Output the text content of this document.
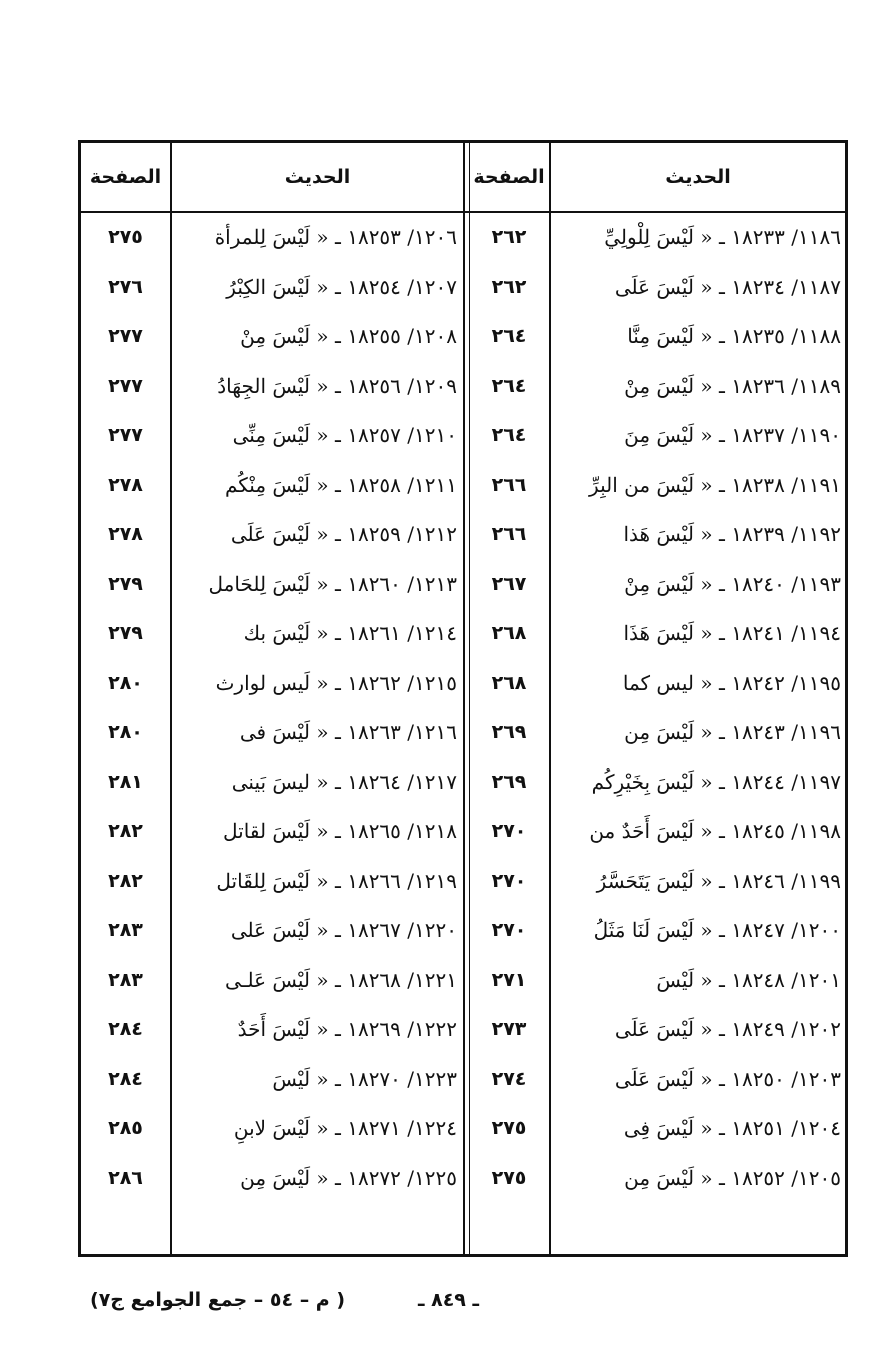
الحديث
الصفحة
الحديث
الصفحة
١١٨٦/ ١٨٢٣٣ ـ « لَيْسَ لِلْولِيِّ
٢٦٢
١١٨٧/ ١٨٢٣٤ ـ « لَيْسَ عَلَى
٢٦٢
١١٨٨/ ١٨٢٣٥ ـ « لَيْسَ مِنَّا
٢٦٤
١١٨٩/ ١٨٢٣٦ ـ « لَيْسَ مِنْ
٢٦٤
١١٩٠/ ١٨٢٣٧ ـ « لَيْسَ مِنَ
٢٦٤
١١٩١/ ١٨٢٣٨ ـ « لَيْسَ من البِرِّ
٢٦٦
١١٩٢/ ١٨٢٣٩ ـ « لَيْسَ هَذا
٢٦٦
١١٩٣/ ١٨٢٤٠ ـ « لَيْسَ مِنْ
٢٦٧
١١٩٤/ ١٨٢٤١ ـ « لَيْسَ هَذَا
٢٦٨
١١٩٥/ ١٨٢٤٢ ـ « ليس كما
٢٦٨
١١٩٦/ ١٨٢٤٣ ـ « لَيْسَ مِن
٢٦٩
١١٩٧/ ١٨٢٤٤ ـ « لَيْسَ بِخَيْرِكُم
٢٦٩
١١٩٨/ ١٨٢٤٥ ـ « لَيْسَ أَحَدٌ من
٢٧٠
١١٩٩/ ١٨٢٤٦ ـ « لَيْسَ يَتَحَسَّرُ
٢٧٠
١٢٠٠/ ١٨٢٤٧ ـ « لَيْسَ لَنَا مَثَلُ
٢٧٠
١٢٠١/ ١٨٢٤٨ ـ « لَيْسَ
٢٧١
١٢٠٢/ ١٨٢٤٩ ـ « لَيْسَ عَلَى
٢٧٣
١٢٠٣/ ١٨٢٥٠ ـ « لَيْسَ عَلَى
٢٧٤
١٢٠٤/ ١٨٢٥١ ـ « لَيْسَ فِى
٢٧٥
١٢٠٥/ ١٨٢٥٢ ـ « لَيْسَ مِن
٢٧٥
١٢٠٦/ ١٨٢٥٣ ـ « لَيْسَ لِلمرأة
٢٧٥
١٢٠٧/ ١٨٢٥٤ ـ « لَيْسَ الكِبْرُ
٢٧٦
١٢٠٨/ ١٨٢٥٥ ـ « لَيْسَ مِنْ
٢٧٧
١٢٠٩/ ١٨٢٥٦ ـ « لَيْسَ الجِهَادُ
٢٧٧
١٢١٠/ ١٨٢٥٧ ـ « لَيْسَ مِنِّى
٢٧٧
١٢١١/ ١٨٢٥٨ ـ « لَيْسَ مِنْكُم
٢٧٨
١٢١٢/ ١٨٢٥٩ ـ « لَيْسَ عَلَى
٢٧٨
١٢١٣/ ١٨٢٦٠ ـ « لَيْسَ لِلحَامل
٢٧٩
١٢١٤/ ١٨٢٦١ ـ « لَيْسَ بك
٢٧٩
١٢١٥/ ١٨٢٦٢ ـ « لَيس لوارث
٢٨٠
١٢١٦/ ١٨٢٦٣ ـ « لَيْسَ فى
٢٨٠
١٢١٧/ ١٨٢٦٤ ـ « ليسَ بَينى
٢٨١
١٢١٨/ ١٨٢٦٥ ـ « لَيْسَ لقاتل
٢٨٢
١٢١٩/ ١٨٢٦٦ ـ « لَيْسَ لِلقَاتل
٢٨٢
١٢٢٠/ ١٨٢٦٧ ـ « لَيْسَ عَلى
٢٨٣
١٢٢١/ ١٨٢٦٨ ـ « لَيْسَ عَلـى
٢٨٣
١٢٢٢/ ١٨٢٦٩ ـ « لَيْسَ أَحَدٌ
٢٨٤
١٢٢٣/ ١٨٢٧٠ ـ « لَيْسَ
٢٨٤
١٢٢٤/ ١٨٢٧١ ـ « لَيْسَ لابنِ
٢٨٥
١٢٢٥/ ١٨٢٧٢ ـ « لَيْسَ مِن
٢٨٦
ـ ٨٤٩ ـ
( م – ٥٤ – جمع الجوامع ج٧)
